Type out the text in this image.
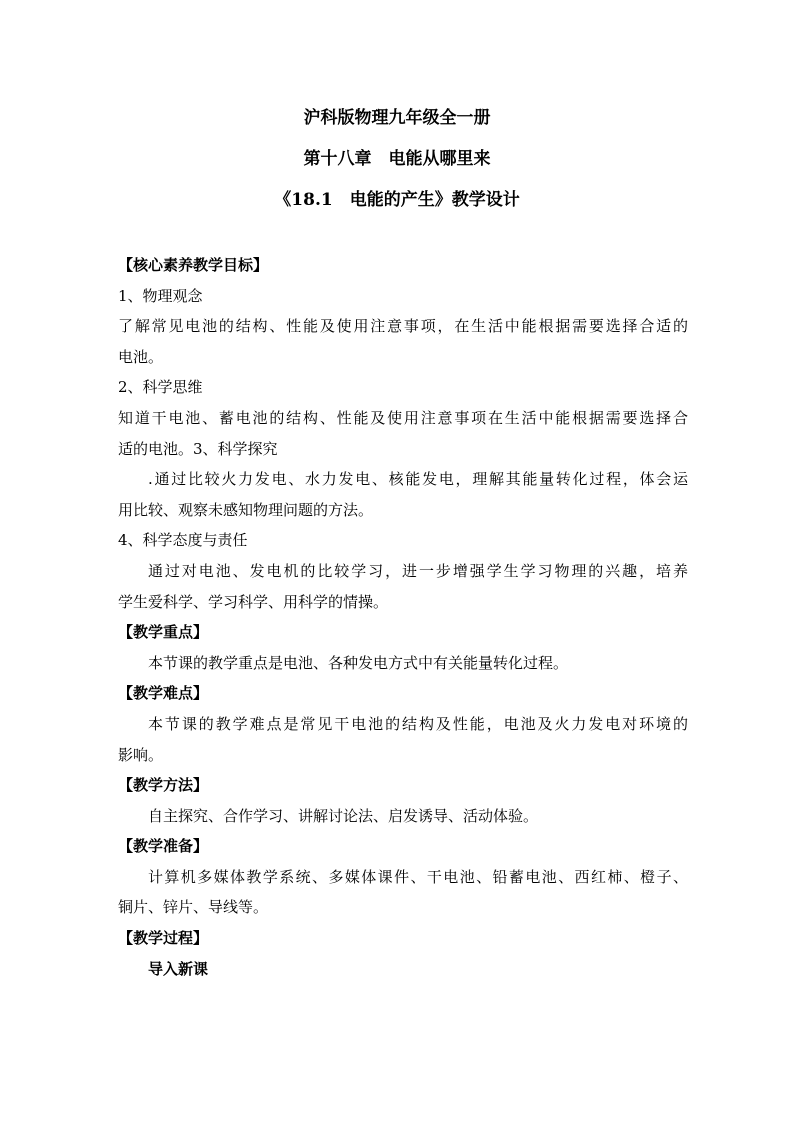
沪科版物理九年级全一册
第十八章　电能从哪里来
《18.1　电能的产生》教学设计
【核心素养教学目标】
1、物理观念
了解常见电池的结构、性能及使用注意事项，在生活中能根据需要选择合适的
电池。
2、科学思维
知道干电池、蓄电池的结构、性能及使用注意事项在生活中能根据需要选择合
适的电池。3、科学探究
.通过比较火力发电、水力发电、核能发电，理解其能量转化过程，体会运
用比较、观察未感知物理问题的方法。
4、科学态度与责任
通过对电池、发电机的比较学习，进一步增强学生学习物理的兴趣，培养
学生爱科学、学习科学、用科学的情操。
【教学重点】
本节课的教学重点是电池、各种发电方式中有关能量转化过程。
【教学难点】
本节课的教学难点是常见干电池的结构及性能，电池及火力发电对环境的
影响。
【教学方法】
自主探究、合作学习、讲解讨论法、启发诱导、活动体验。
【教学准备】
计算机多媒体教学系统、多媒体课件、干电池、铅蓄电池、西红柿、橙子、
铜片、锌片、导线等。
【教学过程】
导入新课
